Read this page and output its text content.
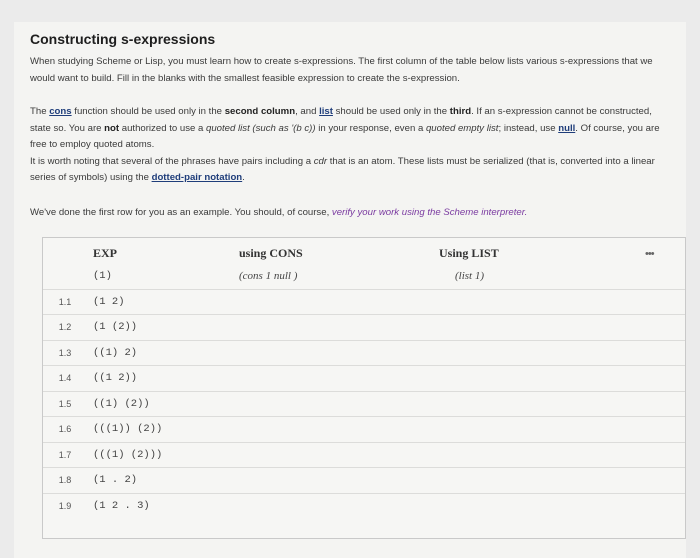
Constructing s-expressions
When studying Scheme or Lisp, you must learn how to create s-expressions. The first column of the table below lists various s-expressions that we would want to build. Fill in the blanks with the smallest feasible expression to create the s-expression.
The cons function should be used only in the second column, and list should be used only in the third. If an s-expression cannot be constructed, state so. You are not authorized to use a quoted list (such as '(b c)) in your response, even a quoted empty list; instead, use null. Of course, you are free to employ quoted atoms.
It is worth noting that several of the phrases have pairs including a cdr that is an atom. These lists must be serialized (that is, converted into a linear series of symbols) using the dotted-pair notation.
We've done the first row for you as an example. You should, of course, verify your work using the Scheme interpreter.
	EXP	using CONS	Using LIST
	(1)	(cons 1 null )	(list 1)
1.1	(1 2)		
1.2	(1 (2))		
1.3	((1) 2)		
1.4	((1 2))		
1.5	((1) (2))		
1.6	(((1)) (2))		
1.7	(((1) (2)))		
1.8	(1 . 2)		
1.9	(1 2 . 3)		
•••
